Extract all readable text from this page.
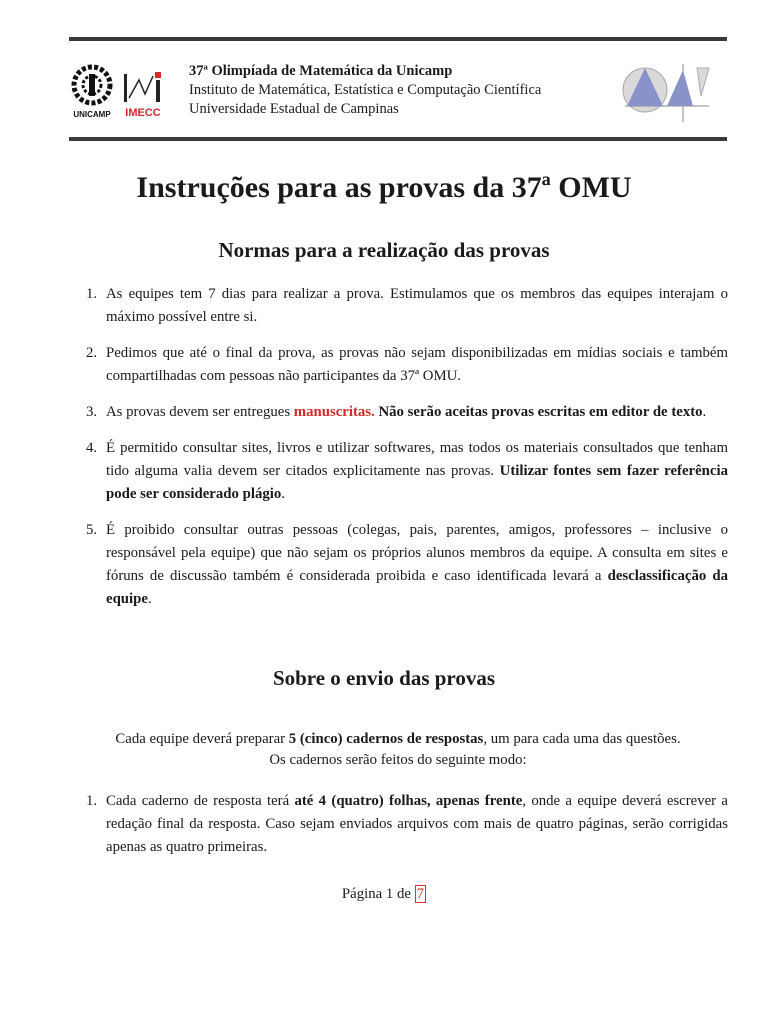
UNICAMP IMECC
37ª Olimpíada de Matemática da Unicamp
Instituto de Matemática, Estatística e Computação Científica
Universidade Estadual de Campinas
Instruções para as provas da 37ª OMU
Normas para a realização das provas
1. As equipes tem 7 dias para realizar a prova. Estimulamos que os membros das equipes interajam o máximo possível entre si.
2. Pedimos que até o final da prova, as provas não sejam disponibilizadas em mídias sociais e também compartilhadas com pessoas não participantes da 37ª OMU.
3. As provas devem ser entregues manuscritas. Não serão aceitas provas escritas em editor de texto.
4. É permitido consultar sites, livros e utilizar softwares, mas todos os materiais consultados que tenham tido alguma valia devem ser citados explicitamente nas provas. Utilizar fontes sem fazer referência pode ser considerado plágio.
5. É proibido consultar outras pessoas (colegas, pais, parentes, amigos, professores – inclusive o responsável pela equipe) que não sejam os próprios alunos membros da equipe. A consulta em sites e fóruns de discussão também é considerada proibida e caso identificada levará a desclassificação da equipe.
Sobre o envio das provas
Cada equipe deverá preparar 5 (cinco) cadernos de respostas, um para cada uma das questões.
Os cadernos serão feitos do seguinte modo:
1. Cada caderno de resposta terá até 4 (quatro) folhas, apenas frente, onde a equipe deverá escrever a redação final da resposta. Caso sejam enviados arquivos com mais de quatro páginas, serão corrigidas apenas as quatro primeiras.
Página 1 de 7
